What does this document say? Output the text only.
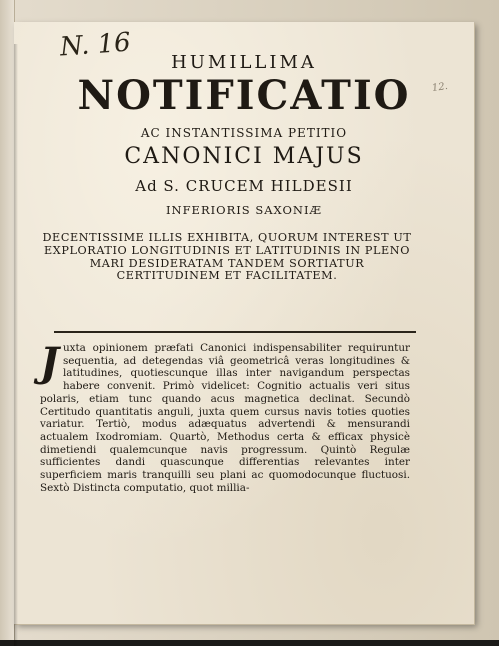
N. 16
12.
HUMILLIMA
NOTIFICATIO
AC INSTANTISSIMA PETITIO
CANONICI MAJUS
Ad S. CRUCEM HILDESII
INFERIORIS SAXONIÆ
DECENTISSIME ILLIS EXHIBITA, QUORUM INTEREST UT EXPLORATIO LONGITUDINIS ET LATITUDINIS IN PLENO MARI DESIDERATAM TANDEM SORTIATUR CERTITUDINEM ET FACILITATEM.
J uxta opinionem præfati Canonici indispensabiliter requiruntur sequentia, ad detegendas viâ geometricâ veras longitudines & latitudines, quotiescunque illas inter navigandum perspectas habere convenit. Primò videlicet: Cognitio actualis veri situs polaris, etiam tunc quando acus magnetica declinat. Secundò Certitudo quantitatis anguli, juxta quem cursus navis toties quoties variatur. Tertiò, modus adæquatus advertendi & mensurandi actualem Ixodromiam. Quartò, Methodus certa & efficax physicè dimetiendi qualemcunque navis progressum. Quintò Regulæ sufficientes dandi quascunque differentias relevantes inter superficiem maris tranquilli seu plani ac quomodocunque fluctuosi. Sextò Distincta computatio, quot millia-
